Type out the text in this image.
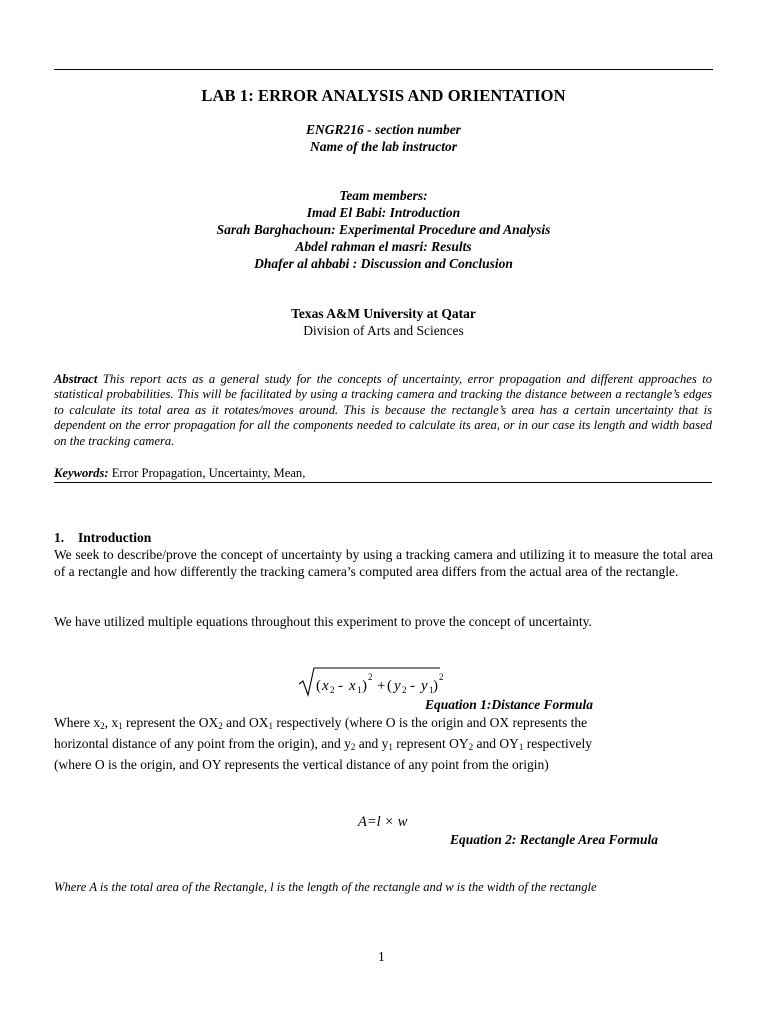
LAB 1: ERROR ANALYSIS AND ORIENTATION
ENGR216 - section number
Name of the lab instructor
Team members:
Imad El Babi: Introduction
Sarah Barghachoun: Experimental Procedure and Analysis
Abdel rahman el masri: Results
Dhafer al ahbabi : Discussion and Conclusion
Texas A&M University at Qatar
Division of Arts and Sciences
Abstract This report acts as a general study for the concepts of uncertainty, error propagation and different approaches to statistical probabilities. This will be facilitated by using a tracking camera and tracking the distance between a rectangle’s edges to calculate its total area as it rotates/moves around. This is because the rectangle’s area has a certain uncertainty that is dependent on the error propagation for all the components needed to calculate its area, or in our case its length and width based on the tracking camera.
Keywords: Error Propagation, Uncertainty, Mean,
1. Introduction
We seek to describe/prove the concept of uncertainty by using a tracking camera and utilizing it to measure the total area of a rectangle and how differently the tracking camera’s computed area differs from the actual area of the rectangle.
We have utilized multiple equations throughout this experiment to prove the concept of uncertainty.
( x 2 - x 1 )
2
+ ( y 2 - y 1 )
2
Equation 1:Distance Formula
Where $x_2$, $x_1$ represent the $OX_2$ and $OX_1$ respectively (where O is the origin and OX represents the
horizontal distance of any point from the origin), and $y_2$ and $y_1$ represent $OY_2$ and $OY_1$ respectively
(where O is the origin, and OY represents the vertical distance of any point from the origin)
A=l × w
Equation 2: Rectangle Area Formula
Where A is the total area of the Rectangle, l is the length of the rectangle and w is the width of the rectangle
1
